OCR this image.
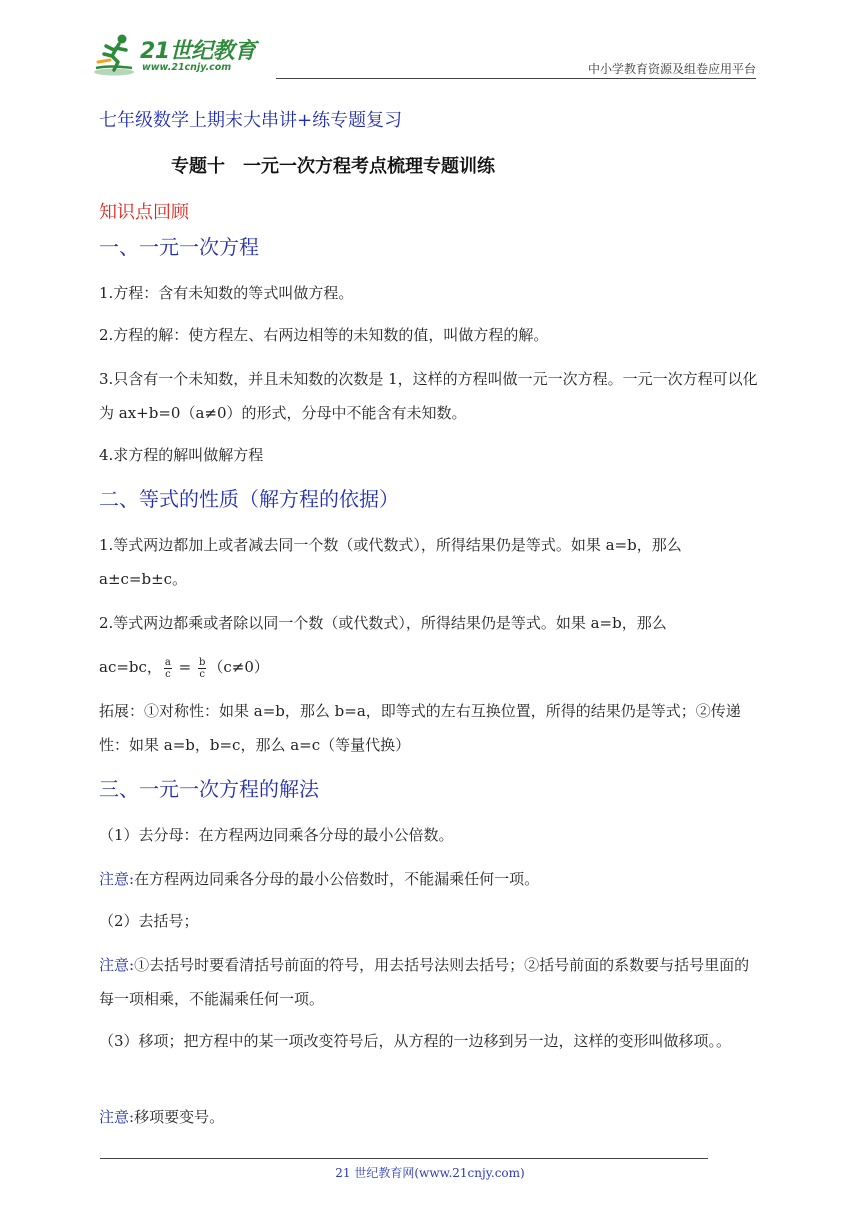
21世纪教育
www.21cnjy.com	中小学教育资源及组卷应用平台
七年级数学上期末大串讲+练专题复习
专题十　一元一次方程考点梳理专题训练
知识点回顾
一、一元一次方程
1.方程：含有未知数的等式叫做方程。
2.方程的解：使方程左、右两边相等的未知数的值，叫做方程的解。
3.只含有一个未知数，并且未知数的次数是 1，这样的方程叫做一元一次方程。一元一次方程可以化为 ax+b=0（a≠0）的形式，分母中不能含有未知数。
4.求方程的解叫做解方程
二、等式的性质（解方程的依据）
1.等式两边都加上或者减去同一个数（或代数式），所得结果仍是等式。如果 a=b，那么 a±c=b±c。
2.等式两边都乘或者除以同一个数（或代数式），所得结果仍是等式。如果 a=b，那么
ac=bc， $\frac{a}{c} = \frac{b}{c} (c\ne 0)$
拓展：①对称性：如果 a=b，那么 b=a，即等式的左右互换位置，所得的结果仍是等式；②传递性：如果 a=b，b=c，那么 a=c（等量代换）
三、一元一次方程的解法
（1）去分母：在方程两边同乘各分母的最小公倍数。
注意:在方程两边同乘各分母的最小公倍数时，不能漏乘任何一项。
（2）去括号；
注意:①去括号时要看清括号前面的符号，用去括号法则去括号；②括号前面的系数要与括号里面的每一项相乘，不能漏乘任何一项。
（3）移项；把方程中的某一项改变符号后，从方程的一边移到另一边，这样的变形叫做移项。。
注意:移项要变号。
21 世纪教育网(www.21cnjy.com)
